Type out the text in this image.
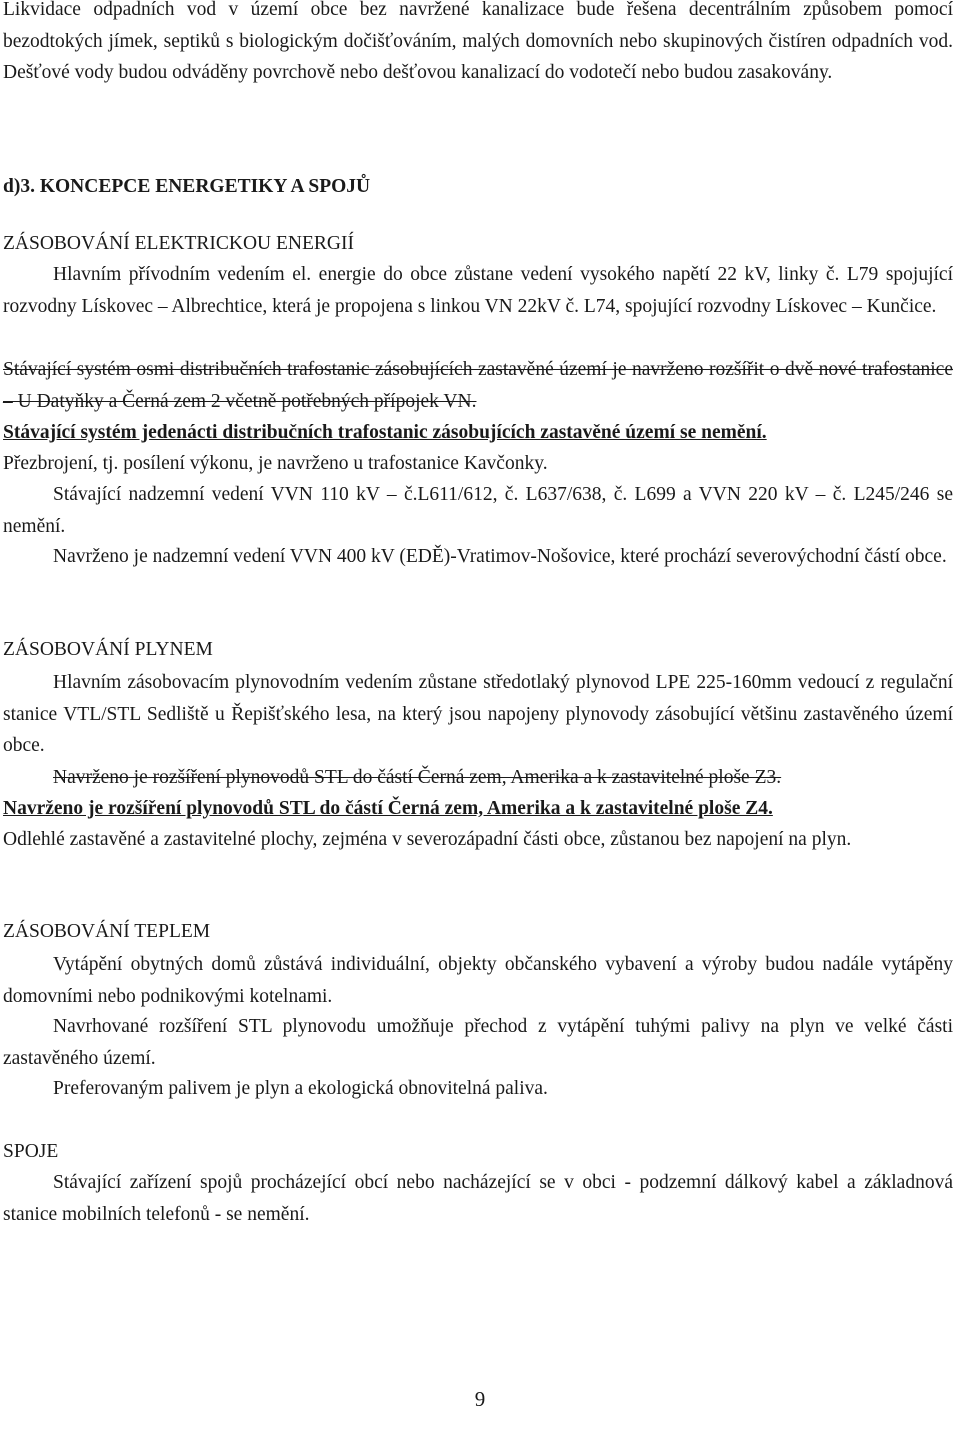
Likvidace odpadních vod v území obce bez navržené kanalizace bude řešena decentrálním způsobem pomocí bezodtokých jímek, septiků s biologickým dočišťováním, malých domovních nebo skupinových čistíren odpadních vod. Dešťové vody budou odváděny povrchově nebo dešťovou kanalizací do vodotečí nebo budou zasakovány.

d)3. KONCEPCE ENERGETIKY A SPOJŮ

ZÁSOBOVÁNÍ ELEKTRICKOU ENERGIÍ

Hlavním přívodním vedením el. energie do obce zůstane vedení vysokého napětí 22 kV, linky č. L79 spojující rozvodny Lískovec – Albrechtice, která je propojena s linkou VN 22kV č. L74, spojující rozvodny Lískovec – Kunčice.

Stávající systém osmi distribučních trafostanic zásobujících zastavěné území je navrženo rozšířit o dvě nové trafostanice – U Datyňky a Černá zem 2 včetně potřebných přípojek VN.

Stávající systém jedenácti distribučních trafostanic zásobujících zastavěné území se nemění.

Přezbrojení, tj. posílení výkonu, je navrženo u trafostanice Kavčonky.

Stávající nadzemní vedení VVN 110 kV – č.L611/612, č. L637/638, č. L699 a VVN 220 kV – č. L245/246 se nemění.

Navrženo je nadzemní vedení VVN 400 kV (EDĚ)-Vratimov-Nošovice, které prochází severovýchodní částí obce.

ZÁSOBOVÁNÍ PLYNEM

Hlavním zásobovacím plynovodním vedením zůstane středotlaký plynovod LPE 225-160mm vedoucí z regulační stanice VTL/STL Sedliště u Řepišťského lesa, na který jsou napojeny plynovody zásobující většinu zastavěného území obce.

Navrženo je rozšíření plynovodů STL do částí Černá zem, Amerika a k zastavitelné ploše Z3.

Navrženo je rozšíření plynovodů STL do částí Černá zem, Amerika a k zastavitelné ploše Z4.

Odlehlé zastavěné a zastavitelné plochy, zejména v severozápadní části obce, zůstanou bez napojení na plyn.

ZÁSOBOVÁNÍ TEPLEM

Vytápění obytných domů zůstává individuální, objekty občanského vybavení a výroby budou nadále vytápěny domovními nebo podnikovými kotelnami.

Navrhované rozšíření STL plynovodu umožňuje přechod z vytápění tuhými palivy na plyn ve velké části zastavěného území.

Preferovaným palivem je plyn a ekologická obnovitelná paliva.

SPOJE

Stávající zařízení spojů procházející obcí nebo nacházející se v obci - podzemní dálkový kabel a základnová stanice mobilních telefonů - se nemění.

9
